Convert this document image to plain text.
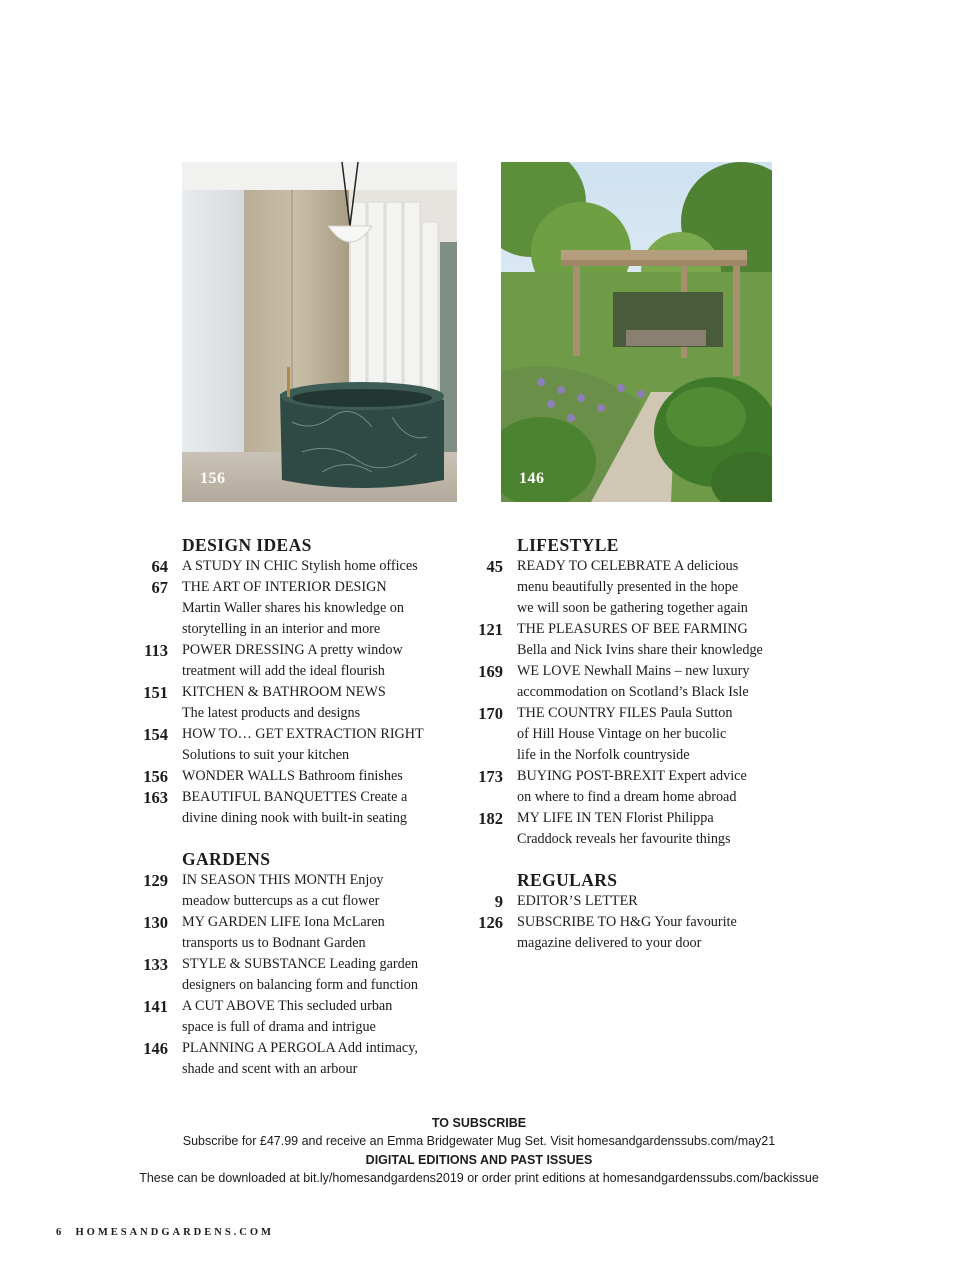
156	146
DESIGN IDEAS
64 A STUDY IN CHIC Stylish home offices
67 THE ART OF INTERIOR DESIGN
Martin Waller shares his knowledge on
storytelling in an interior and more
113 POWER DRESSING A pretty window
treatment will add the ideal flourish
151 KITCHEN & BATHROOM NEWS
The latest products and designs
154 HOW TO… GET EXTRACTION RIGHT
Solutions to suit your kitchen
156 WONDER WALLS Bathroom finishes
163 BEAUTIFUL BANQUETTES Create a
divine dining nook with built-in seating
GARDENS
129 IN SEASON THIS MONTH Enjoy
meadow buttercups as a cut flower
130 MY GARDEN LIFE Iona McLaren
transports us to Bodnant Garden
133 STYLE & SUBSTANCE Leading garden
designers on balancing form and function
141 A CUT ABOVE This secluded urban
space is full of drama and intrigue
146 PLANNING A PERGOLA Add intimacy,
shade and scent with an arbour
LIFESTYLE
45 READY TO CELEBRATE A delicious
menu beautifully presented in the hope
we will soon be gathering together again
121 THE PLEASURES OF BEE FARMING
Bella and Nick Ivins share their knowledge
169 WE LOVE Newhall Mains – new luxury
accommodation on Scotland’s Black Isle
170 THE COUNTRY FILES Paula Sutton
of Hill House Vintage on her bucolic
life in the Norfolk countryside
173 BUYING POST-BREXIT Expert advice
on where to find a dream home abroad
182 MY LIFE IN TEN Florist Philippa
Craddock reveals her favourite things
REGULARS
9 EDITOR’S LETTER
126 SUBSCRIBE TO H&G Your favourite
magazine delivered to your door
TO SUBSCRIBE
Subscribe for £47.99 and receive an Emma Bridgewater Mug Set. Visit homesandgardenssubs.com/may21
DIGITAL EDITIONS AND PAST ISSUES
These can be downloaded at bit.ly/homesandgardens2019 or order print editions at homesandgardenssubs.com/backissue
6 HOMESANDGARDENS.COM
